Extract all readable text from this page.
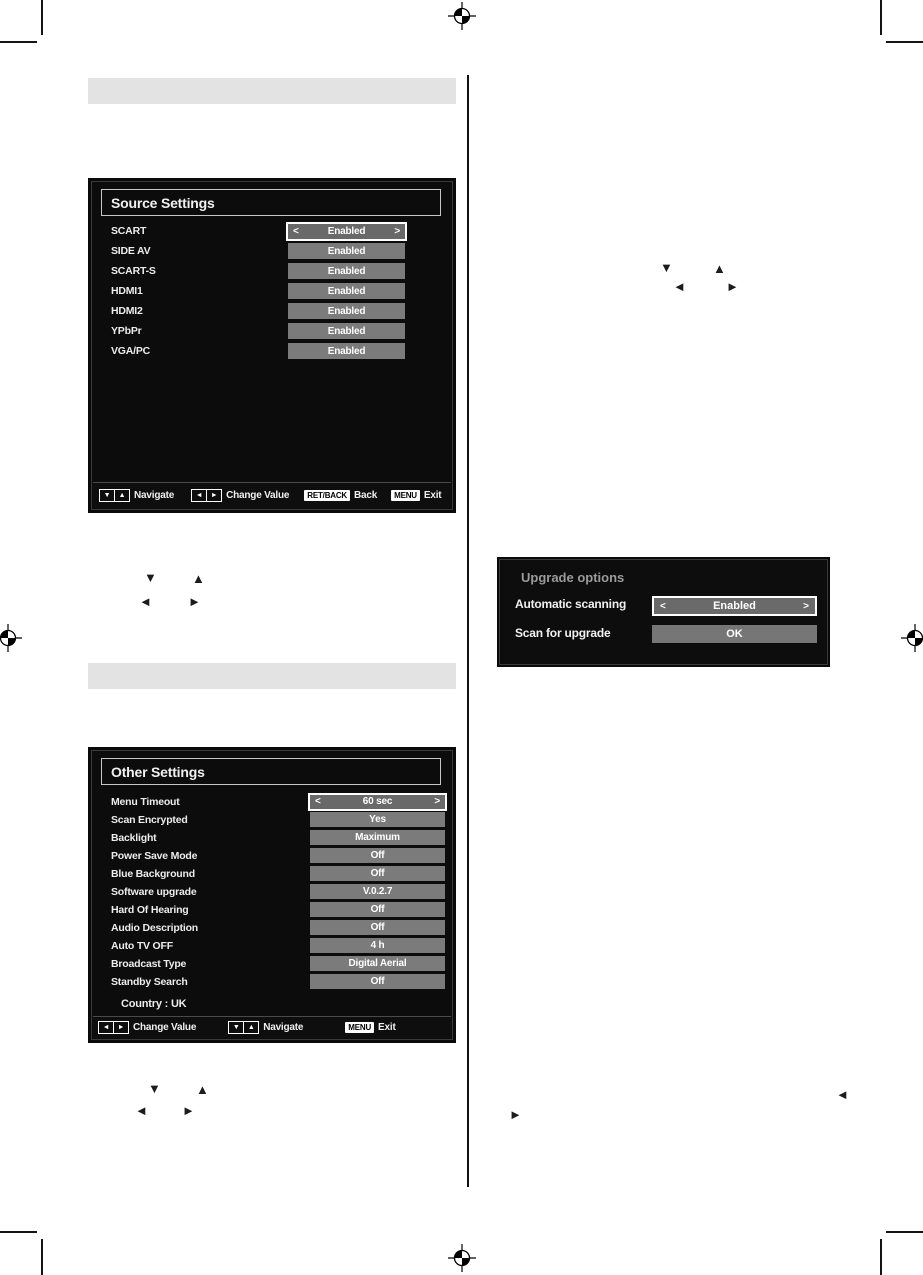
Source Settings
SCART	<	Enabled	>
SIDE AV	Enabled
SCART-S	Enabled
HDMI1	Enabled
HDMI2	Enabled
YPbPr	Enabled
VGA/PC	Enabled
▼	▲ Navigate	◄	► Change Value	RET/BACK Back	MENU Exit
▼	▲
◄	►
▼	▲
◄	►
Other Settings
Menu Timeout	<	60 sec	>
Scan Encrypted	Yes
Backlight	Maximum
Power Save Mode	Off
Blue Background	Off
Software upgrade	V.0.2.7
Hard Of Hearing	Off
Audio Description	Off
Auto TV OFF	4 h
Broadcast Type	Digital Aerial
Standby Search	Off
Country : UK
◄	► Change Value	▼	▲ Navigate	MENU Exit
Upgrade options
Automatic scanning	<	Enabled	>
Scan for upgrade	OK
▼	▲
◄	►
◄
►
